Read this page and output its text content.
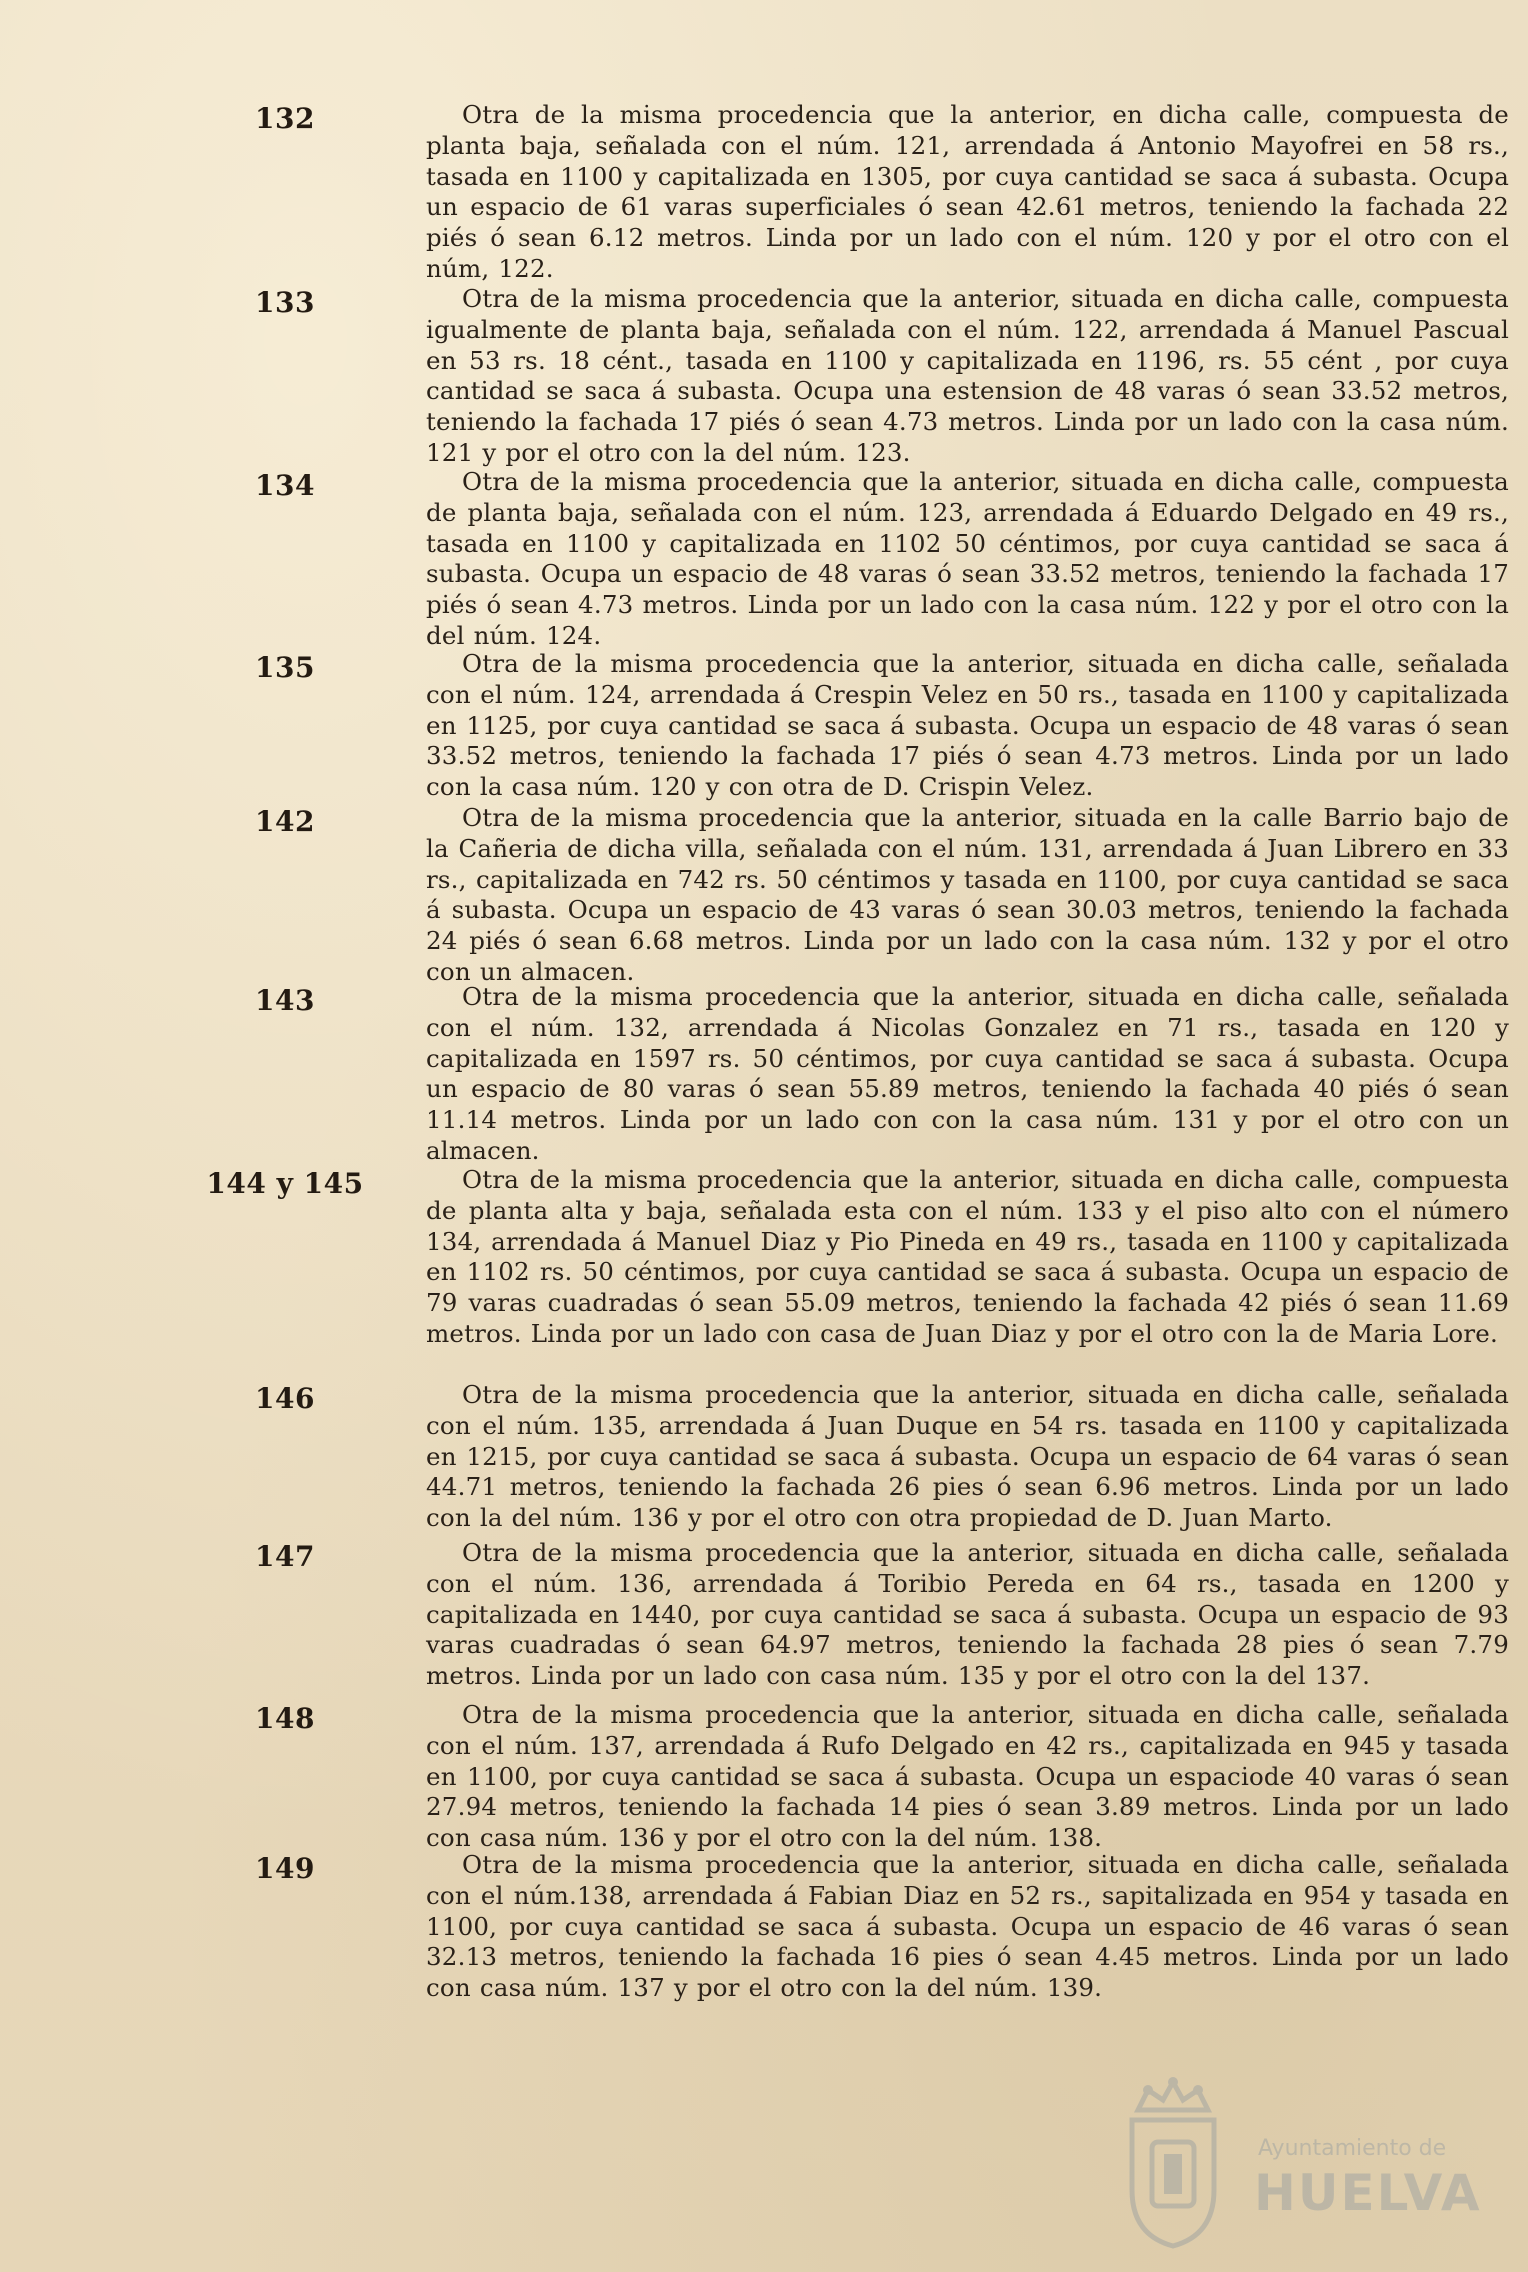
132	Otra de la misma procedencia que la anterior, en dicha calle, compuesta de planta baja, señalada con el núm. 121, arrendada á Antonio Mayofrei en 58 rs., tasada en 1100 y capitalizada en 1305, por cuya cantidad se saca á subasta. Ocupa un espacio de 61 varas superficiales ó sean 42.61 metros, teniendo la fachada 22 piés ó sean 6.12 metros. Linda por un lado con el núm. 120 y por el otro con el núm, 122.
133	Otra de la misma procedencia que la anterior, situada en dicha calle, compuesta igualmente de planta baja, señalada con el núm. 122, arrendada á Manuel Pascual en 53 rs. 18 cént., tasada en 1100 y capitalizada en 1196, rs. 55 cént , por cuya cantidad se saca á subasta. Ocupa una estension de 48 varas ó sean 33.52 metros, teniendo la fachada 17 piés ó sean 4.73 metros. Linda por un lado con la casa núm. 121 y por el otro con la del núm. 123.
134	Otra de la misma procedencia que la anterior, situada en dicha calle, compuesta de planta baja, señalada con el núm. 123, arrendada á Eduardo Delgado en 49 rs., tasada en 1100 y capitalizada en 1102 50 céntimos, por cuya cantidad se saca á subasta. Ocupa un espacio de 48 varas ó sean 33.52 metros, teniendo la fachada 17 piés ó sean 4.73 metros. Linda por un lado con la casa núm. 122 y por el otro con la del núm. 124.
135	Otra de la misma procedencia que la anterior, situada en dicha calle, señalada con el núm. 124, arrendada á Crespin Velez en 50 rs., tasada en 1100 y capitalizada en 1125, por cuya cantidad se saca á subasta. Ocupa un espacio de 48 varas ó sean 33.52 metros, teniendo la fachada 17 piés ó sean 4.73 metros. Linda por un lado con la casa núm. 120 y con otra de D. Crispin Velez.
142	Otra de la misma procedencia que la anterior, situada en la calle Barrio bajo de la Cañeria de dicha villa, señalada con el núm. 131, arrendada á Juan Librero en 33 rs., capitalizada en 742 rs. 50 céntimos y tasada en 1100, por cuya cantidad se saca á subasta. Ocupa un espacio de 43 varas ó sean 30.03 metros, teniendo la fachada 24 piés ó sean 6.68 metros. Linda por un lado con la casa núm. 132 y por el otro con un almacen.
143	Otra de la misma procedencia que la anterior, situada en dicha calle, señalada con el núm. 132, arrendada á Nicolas Gonzalez en 71 rs., tasada en 120 y capitalizada en 1597 rs. 50 céntimos, por cuya cantidad se saca á subasta. Ocupa un espacio de 80 varas ó sean 55.89 metros, teniendo la fachada 40 piés ó sean 11.14 metros. Linda por un lado con con la casa núm. 131 y por el otro con un almacen.
144 y 145	Otra de la misma procedencia que la anterior, situada en dicha calle, compuesta de planta alta y baja, señalada esta con el núm. 133 y el piso alto con el número 134, arrendada á Manuel Diaz y Pio Pineda en 49 rs., tasada en 1100 y capitalizada en 1102 rs. 50 céntimos, por cuya cantidad se saca á subasta. Ocupa un espacio de 79 varas cuadradas ó sean 55.09 metros, teniendo la fachada 42 piés ó sean 11.69 metros. Linda por un lado con casa de Juan Diaz y por el otro con la de Maria Lore.
146	Otra de la misma procedencia que la anterior, situada en dicha calle, señalada con el núm. 135, arrendada á Juan Duque en 54 rs. tasada en 1100 y capitalizada en 1215, por cuya cantidad se saca á subasta. Ocupa un espacio de 64 varas ó sean 44.71 metros, teniendo la fachada 26 pies ó sean 6.96 metros. Linda por un lado con la del núm. 136 y por el otro con otra propiedad de D. Juan Marto.
147	Otra de la misma procedencia que la anterior, situada en dicha calle, señalada con el núm. 136, arrendada á Toribio Pereda en 64 rs., tasada en 1200 y capitalizada en 1440, por cuya cantidad se saca á subasta. Ocupa un espacio de 93 varas cuadradas ó sean 64.97 metros, teniendo la fachada 28 pies ó sean 7.79 metros. Linda por un lado con casa núm. 135 y por el otro con la del 137.
148	Otra de la misma procedencia que la anterior, situada en dicha calle, señalada con el núm. 137, arrendada á Rufo Delgado en 42 rs., capitalizada en 945 y tasada en 1100, por cuya cantidad se saca á subasta. Ocupa un espaciode 40 varas ó sean 27.94 metros, teniendo la fachada 14 pies ó sean 3.89 metros. Linda por un lado con casa núm. 136 y por el otro con la del núm. 138.
149	Otra de la misma procedencia que la anterior, situada en dicha calle, señalada con el núm.138, arrendada á Fabian Diaz en 52 rs., sapitalizada en 954 y tasada en 1100, por cuya cantidad se saca á subasta. Ocupa un espacio de 46 varas ó sean 32.13 metros, teniendo la fachada 16 pies ó sean 4.45 metros. Linda por un lado con casa núm. 137 y por el otro con la del núm. 139.
Ayuntamiento de
HUELVA
